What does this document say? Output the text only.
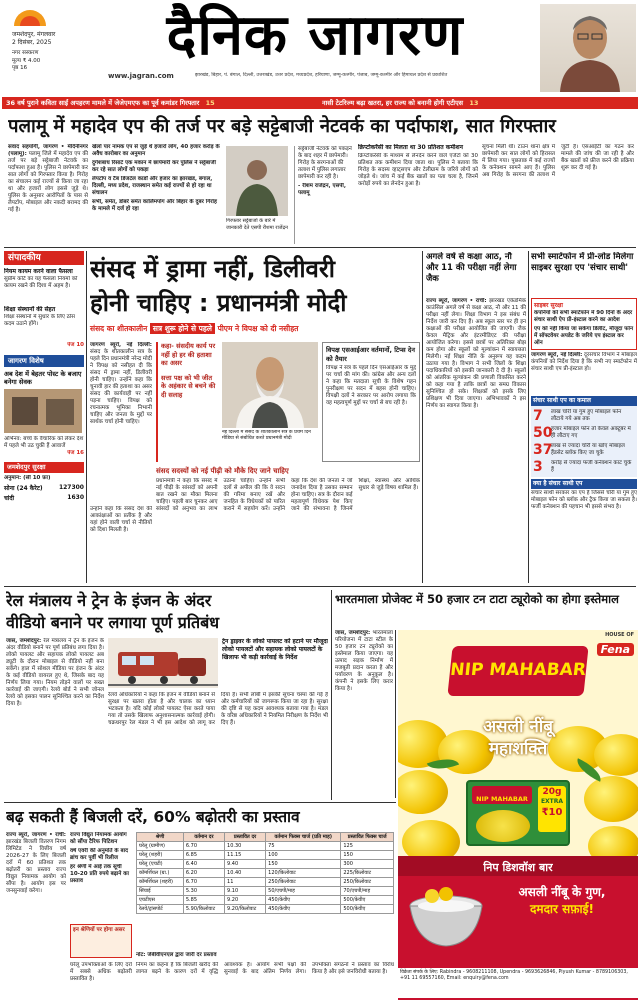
जमशेदपुर, मंगलवार
2 दिसंबर, 2025
नगर संस्करण
मूल्य ₹ 4.00
पृष्ठ 16	दैनिक जागरण
www.jagran.com	झारखंड, बिहार, पं. बंगाल, दिल्ली, उत्तराखंड, उत्तर प्रदेश, मध्यप्रदेश, हरियाणा, जम्मू-कश्मीर, पंजाब, जम्मू-कश्मीर और हिमाचल प्रदेश से प्रकाशित
36 वर्ष पुराने कविता साईं अपहरण मामले में जेजेएमएफ का पूर्व कमांडर गिरफ्तार 15	नासी टेटरिज्म बढ़ा खतरा, हर राज्य को बनानी होगी एटीएस 13
पलामू में महादेव एप की तर्ज पर बड़े सट्टेबाजी नेटवर्क का पर्दाफाश, सात गिरफ्तार
संवाद सहयोगी, जागरण • मेदिनीनगर (पलामू): पलामू जिले में महादेव एप की तर्ज पर बड़े सट्टेबाजी नेटवर्क का पर्दाफाश हुआ है। पुलिस ने छापेमारी कर सात लोगों को गिरफ्तार किया है। गिरोह का संचालन कई राज्यों से किया जा रहा था और हजारों लोग इससे जुड़े थे। पुलिस के अनुसार आरोपितों के पास से लैपटॉप, मोबाइल और नकदी बरामद की गई है।
खेलों पार नामक एप से जुड़े थे हजारों लोग, 40 हजार करोड़ के अवैध कारोबार का अनुमान
दुर्गेशबांध रिसार्ट एक मकान में छापेमारी कर पुलिस ने सट्टेबाजी कर रहे सात लोगों को पकड़ा
लेपटॉप व टैब डिजटेल कार्डों और हजार का झारखंड, बंगाल, दिल्ली, मध्य प्रदेश, राजस्थान समेत कई राज्यों से हो रहा था संचालन
सभी, समेत, डोबरे समेत कालिमपोंग और बिहार के दुबर गिरोह के मामले में दर्ज हो रहा
गिरफ्तार सट्टेबाजों के बारे में जानकारी देते एसपी रीशमा राजेंद्रन
सट्टेबाजी नेटवर्क को पकड़ने के बाद शहर में छापेमारी। गिरोह के सरगनाओं की तलाश में पुलिस लगातार छापेमारी कर रही है।
- रीशम राजेंद्रन, एसपी, पलामू
क्रिप्टोकरेंसी का मिलता था 30 प्रतिशत कमीशन
क्रिप्टोकरेंसी के माध्यम से लेनदेन करने वाले एजेंटों को 30 प्रतिशत तक कमीशन दिया जाता था। पुलिस ने बताया कि गिरोह के सदस्य व्हाट्सएप और टेलीग्राम के जरिये लोगों को जोड़ते थे। जांच में कई बैंक खातों का पता चला है, जिनमें करोड़ों रुपये का लेनदेन हुआ है।
सूचना मिली थी। टाउन थाना क्षेत्र में छापेमारी कर सात लोगों को हिरासत में लिया गया। पूछताछ में कई राज्यों के कनेक्शन सामने आए हैं। पुलिस अब गिरोह के सरगना की तलाश में जुटी है। एसआईटी का गठन कर मामले की जांच की जा रही है और बैंक खातों को फ्रीज करने की प्रक्रिया शुरू कर दी गई है।
संपादकीय
नियम कायम करने वाला फैसला
सुप्रीम कोर्ट का यह फैसला नियमों को कायम रखने की दिशा में अहम है।
शिक्षा संस्थानों की सेहत
शिक्षा संस्थानों में सुधार के लिए ठोस कदम उठाने होंगे।
पेज 10
जागरण विशेष
अब देश में बेहतर पोस्ट के बजाए बनेगा सेवक
अभिनव: बच्चे के वैचारिक को लेकर देश में पहले भी उठ चुकी हैं आवाजें
पेज 16
जमशेदपुर सुरक्षा
अनुमान: (सी 10 फ़ा)
सोना (24 कैरेट)	127300
चांदी	1630
संसद में ड्रामा नहीं, डिलीवरी
होनी चाहिए : प्रधानमंत्री मोदी
संसद का शीतकालीन सत्र शुरू होने से पहले पीएम ने विपक्ष को दी नसीहत
जागरण ब्यूरो, नई दिल्ली: संसद के शीतकालीन सत्र के पहले दिन प्रधानमंत्री नरेन्द्र मोदी ने विपक्ष को नसीहत दी कि संसद में ड्रामा नहीं, डिलीवरी होनी चाहिए। उन्होंने कहा कि चुनावी हार की हताशा का असर संसद की कार्यवाही पर नहीं पड़ना चाहिए। विपक्ष को रचनात्मक भूमिका निभानी चाहिए और जनता के मुद्दों पर सार्थक चर्चा होनी चाहिए।
कहा- संसदीय कार्य पर नहीं हो हर की हताशा का असर
सत्ता पक्ष को भी जीत के अहंकार से बचने की दी सलाह
नई दिल्ली में संसद के शीतकालीन सत्र के प्रथम दिन मीडिया से संबोधित करते प्रधानमंत्री मोदी
विपक्ष एसआईआर वर्तमानों, टिप्स देन को तैयार
विपक्ष ने सत्र के पहले दिन एसआईआर के मुद्दे पर चर्चा की मांग की। कांग्रेस और अन्य दलों ने कहा कि मतदाता सूची के विशेष गहन पुनरीक्षण पर सदन में बहस होनी चाहिए। विपक्षी दलों ने सरकार पर आरोप लगाया कि वह महत्वपूर्ण मुद्दों पर चर्चा से बच रही है।
संसद सदस्यों को नई पीढ़ी को मौके दिए जाने चाहिए
प्रधानमंत्री ने कहा कि संसद में नई पीढ़ी के सांसदों को अपनी बात रखने का मौका मिलना चाहिए। पहली बार चुनकर आए सांसदों को अनुभव का लाभ उठाना चाहिए। उन्होंने सभी दलों से अपील की कि वे सदन की गरिमा बनाए रखें और जनहित के विधेयकों को पारित कराने में सहयोग करें। उन्होंने कहा कि देश की जनता ने जो जनादेश दिया है उसका सम्मान होना चाहिए। सत्र के दौरान कई महत्वपूर्ण विधेयक पेश किए जाने की संभावना है जिनमें शिक्षा, स्वास्थ्य और आर्थिक सुधार से जुड़े विषय शामिल हैं।
उन्होंने कहा कि संसद देश की आकांक्षाओं का प्रतीक है और यहां होने वाली चर्चा से नीतियों को दिशा मिलती है।
अगले वर्ष से कक्षा आठ, नौ और 11 की परीक्षा नहीं लेगा जैक
राज्य ब्यूरो, जागरण • रांची: झारखंड एकेडमिक काउंसिल अगले वर्ष से कक्षा आठ, नौ और 11 की परीक्षा नहीं लेगा। शिक्षा विभाग ने इस संबंध में निर्देश जारी कर दिए हैं। अब स्कूल स्तर पर ही इन कक्षाओं की परीक्षा आयोजित की जाएगी। जैक केवल मैट्रिक और इंटरमीडिएट की परीक्षा आयोजित करेगा। इससे छात्रों पर अतिरिक्त बोझ कम होगा और स्कूलों को मूल्यांकन में स्वायत्तता मिलेगी। नई शिक्षा नीति के अनुरूप यह कदम उठाया गया है। विभाग ने सभी जिलों के शिक्षा पदाधिकारियों को इसकी जानकारी दे दी है। स्कूलों को आंतरिक मूल्यांकन की प्रणाली विकसित करने को कहा गया है ताकि छात्रों का समग्र विकास सुनिश्चित हो सके। शिक्षकों को इसके लिए प्रशिक्षण भी दिया जाएगा। अभिभावकों ने इस निर्णय का स्वागत किया है।
सभी स्मार्टफोन में प्री-लोड मिलेगा साइबर सुरक्षा एप 'संचार साथी'
साइबर सुरक्षा
कंपनियों को सभी स्मार्टफोन में 90 दिनों के अंदर संचार साथी ऐप प्री-इंस्टाल करने का आदेश
एप को नहीं किया जा सकेगा डिलीट, मौजूदा फोन में सॉफ्टवेयर अपडेट के जरिये एप इंस्टाल कर ऑन
जागरण ब्यूरो, नई दिल्ली: दूरसंचार विभाग ने मोबाइल कंपनियों को निर्देश दिया है कि सभी नए स्मार्टफोन में संचार साथी एप प्री-इंस्टाल हो।
संचार साथी एप का कमाल
7	लाख चोरी या गुम हुए मोबाइल फोन लौटाये गये अब तक
50
हजार मोबाइल फोन तो केवल अक्टूबर में ही लौटाए गए
37
लाख से ज्यादा चोरी या खोए मोबाइल हैंडसेट ब्लॉक किए जा चुके
3	करोड़ से ज्यादा फर्जी कनेक्शन काट चुके हैं
क्या है संचार साथी एप
संचार साथी सरकार का एप है जिससे चोरी या गुम हुए मोबाइल फोन को ब्लॉक और ट्रैक किया जा सकता है। फर्जी कनेक्शन की पहचान भी इससे संभव है।
रेल मंत्रालय ने ट्रेन के इंजन के अंदर
वीडियो बनाने पर लगाया पूर्ण प्रतिबंध
जासं, जमशेदपुर: रेल मंत्रालय ने ट्रेन के इंजन के अंदर वीडियो बनाने पर पूर्ण प्रतिबंध लगा दिया है। लोको पायलट और सहायक लोको पायलट अब ड्यूटी के दौरान मोबाइल से वीडियो नहीं बना सकेंगे। हाल में सोशल मीडिया पर इंजन के अंदर के कई वीडियो वायरल हुए थे, जिसके बाद यह निर्णय लिया गया। नियम तोड़ने वालों पर सख्त कार्रवाई की जाएगी। रेलवे बोर्ड ने सभी जोनल रेलवे को इसका पालन सुनिश्चित करने का निर्देश दिया है।
ट्रेन ड्राइवर के लोको पायलट को हटाने पर मौजूदा लोको पायलटों और सहायक लोको पायलटों के खिलाफ भी कड़ी कार्रवाई के निर्देश
रेलवे अधिकारियों ने कहा कि इंजन में वीडियो बनाने से सुरक्षा पर खतरा होता है और चालक का ध्यान भटकता है। यदि कोई लोको पायलट ऐसा करते पाया गया तो उसके खिलाफ अनुशासनात्मक कार्रवाई होगी। चक्रधरपुर रेल मंडल ने भी इस आदेश को लागू कर दिया है। सभी लॉबी में इसकी सूचना चस्पा की गई है और कर्मचारियों को जागरूक किया जा रहा है। सुरक्षा की दृष्टि से यह कदम आवश्यक बताया गया है। मंडल के वरिष्ठ अधिकारियों ने नियमित निरीक्षण के निर्देश भी दिए हैं।
भारतमाला प्रोजेक्ट में 50 हजार टन टाटा ट्यूरोको का होगा इस्तेमाल
जासं, जमशेदपुर: भारतमाला परियोजना में टाटा स्टील के 50 हजार टन ट्यूरोको का इस्तेमाल किया जाएगा। यह उत्पाद सड़क निर्माण में मजबूती प्रदान करता है और पर्यावरण के अनुकूल है। कंपनी ने इसके लिए करार किया है।
HOUSE OF
Fena
NIP MAHABAR
असली नींबू
महाशक्ति
NIP MAHABAR
20g
EXTRA
₹10
निप डिशवॉश बार
असली नींबू के गुण,
दमदार सफ़ाई!
विक्रेता संपर्क के लिए: Rabindra - 9608211108, Upendra - 9693626846, Piyush Kumar - 8789106303, +91 11 69557160, Email: enquiry@fena.com
बढ़ सकती हैं बिजली दरें, 60% बढ़ोतरी का प्रस्ताव
राज्य ब्यूरो, जागरण • रांची: झारखंड बिजली वितरण निगम लिमिटेड ने वित्तीय वर्ष 2026-27 के लिए बिजली दरों में 60 प्रतिशत तक बढ़ोतरी का प्रस्ताव राज्य विद्युत नियामक आयोग को सौंपा है। आयोग इस पर जनसुनवाई करेगा।
राज्य विद्युत नियामक आयोग को सौंपा टैरिफ पिटिशन
वर्ष एवरी की अनुमति के बाद ब्रांच कर पूर्वी भी रिलीज
हर श्रेणी में आई तक सूची 10-20 प्रति रुपये बढ़ाने का प्रस्ताव
इन श्रेणियों पर होगा असर
घरेलू उपभोक्ताओं के लिए दरों में सबसे अधिक बढ़ोतरी प्रस्तावित है।
श्रेणी	वर्तमान दर	प्रस्तावित दर	वर्तमान फिक्स चार्ज (प्रति माह)	प्रस्तावित फिक्स चार्ज
घरेलू (ग्रामीण)	6.70	10.30	75	125
घरेलू (शहरी)	6.85	11.15	100	150
घरेलू (एचटी)	6.40	9.40	150	300
कॉमर्शियल (ग्रा.)	6.20	10.40	120/किलोवाट	225/किलोवाट
कॉमर्शियल (शहरी)	6.70	11	250/किलोवाट	250/किलोवाट
सिंचाई	5.30	9.10	50/एचपी/माह	70/एचपी/माह
एचटीएस	5.85	9.20	450/केवीए	500/केवीए
रेलवे/ट्रांसपोर्ट	5.90/किलोवाट	9.20/किलोवाट	450/केवीए	500/केवीए
नोट: जेबीवीएनएल द्वारा जारी दर प्रस्ताव
निगम का कहना है कि बिजली खरीद की लागत बढ़ने के कारण दरों में वृद्धि आवश्यक है। आयोग सभी पक्षों की सुनवाई के बाद अंतिम निर्णय लेगा। उपभोक्ता संगठनों ने प्रस्ताव का विरोध किया है और इसे जनविरोधी बताया है।
